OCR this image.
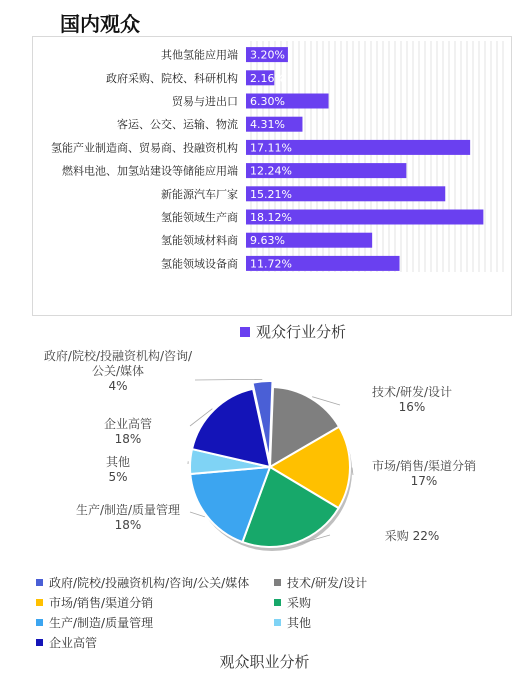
国内观众
其他氢能应用端 3.20%
政府采购、院校、科研机构 2.16%
贸易与进出口 6.30%
客运、公交、运输、物流 4.31%
氢能产业制造商、贸易商、投融资机构 17.11%
燃料电池、加氢站建设等储能应用端 12.24%
新能源汽车厂家 15.21%
氢能领域生产商 18.12%
氢能领域材料商 9.63%
氢能领域设备商 11.72%
观众行业分析
政府/院校/投融资机构/咨询/公关/媒体 4%	技术/研发/设计 16%
市场/销售/渠道分销 17%
采购 22%
生产/制造/质量管理 18%
其他 5%
企业高管 18%
政府/院校/投融资机构/咨询/公关/媒体	技术/研发/设计
市场/销售/渠道分销	采购
生产/制造/质量管理	其他
企业高管
观众职业分析
